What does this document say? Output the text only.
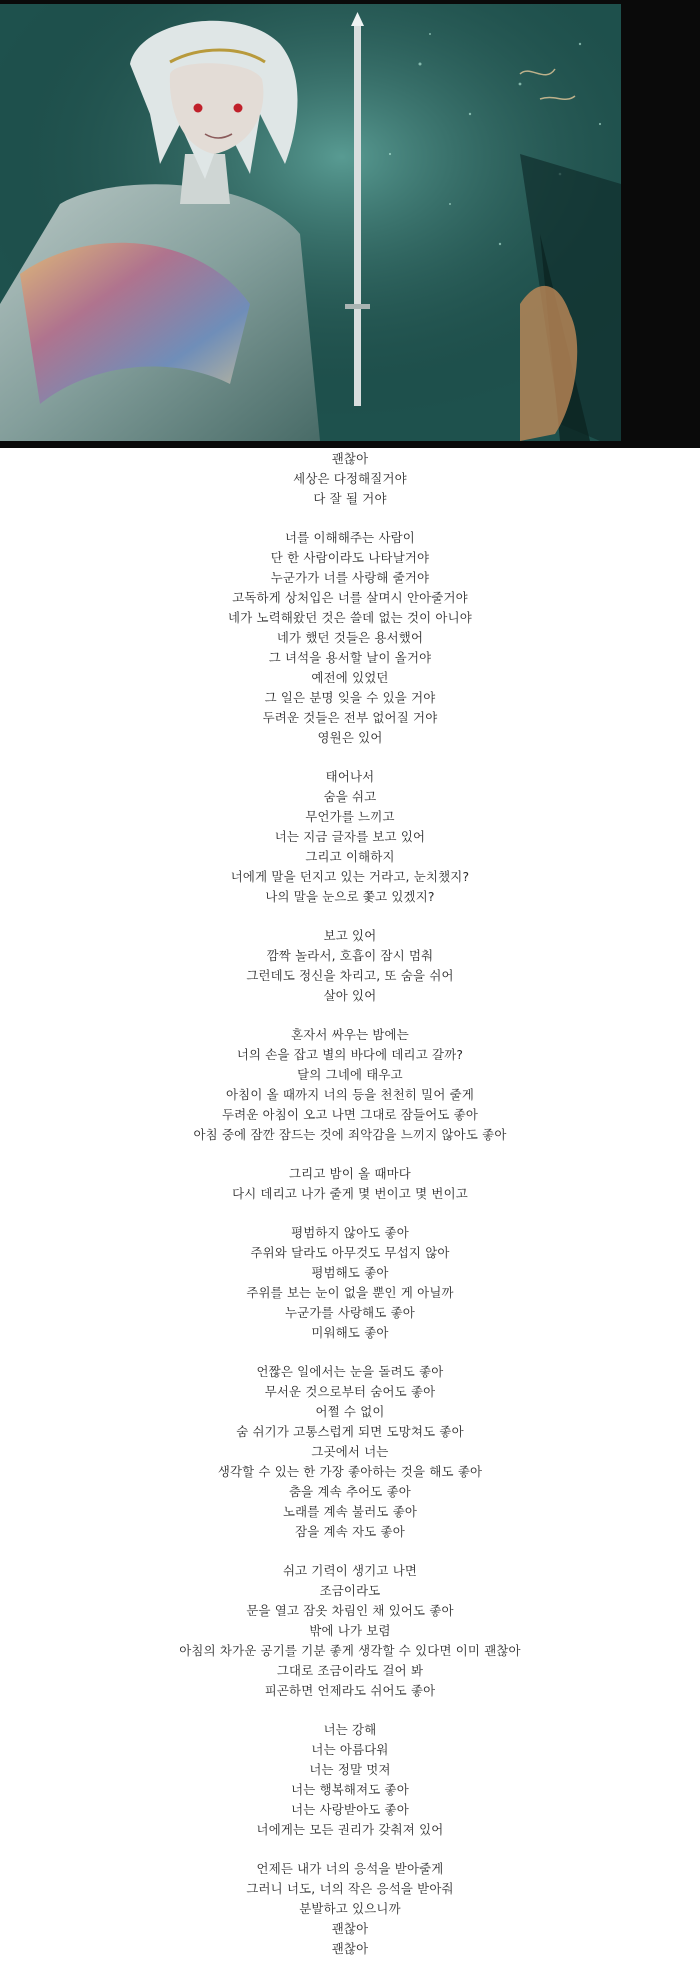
괜찮아
세상은 다정해질거야
다 잘 될 거야
너를 이해해주는 사람이
단 한 사람이라도 나타날거야
누군가가 너를 사랑해 줄거야
고독하게 상처입은 너를 살며시 안아줄거야
네가 노력해왔던 것은 쓸데 없는 것이 아니야
네가 했던 것들은 용서했어
그 녀석을 용서할 날이 올거야
예전에 있었던
그 일은 분명 잊을 수 있을 거야
두려운 것들은 전부 없어질 거야
영원은 있어
태어나서
숨을 쉬고
무언가를 느끼고
너는 지금 글자를 보고 있어
그리고 이해하지
너에게 말을 던지고 있는 거라고, 눈치챘지?
나의 말을 눈으로 쫓고 있겠지?
보고 있어
깜짝 놀라서, 호흡이 잠시 멈춰
그런데도 정신을 차리고, 또 숨을 쉬어
살아 있어
혼자서 싸우는 밤에는
너의 손을 잡고 별의 바다에 데리고 갈까?
달의 그네에 태우고
아침이 올 때까지 너의 등을 천천히 밀어 줄게
두려운 아침이 오고 나면 그대로 잠들어도 좋아
아침 중에 잠깐 잠드는 것에 죄악감을 느끼지 않아도 좋아
그리고 밤이 올 때마다
다시 데리고 나가 줄게 몇 번이고 몇 번이고
평범하지 않아도 좋아
주위와 달라도 아무것도 무섭지 않아
평범해도 좋아
주위를 보는 눈이 없을 뿐인 게 아닐까
누군가를 사랑해도 좋아
미워해도 좋아
언짢은 일에서는 눈을 돌려도 좋아
무서운 것으로부터 숨어도 좋아
어쩔 수 없이
숨 쉬기가 고통스럽게 되면 도망쳐도 좋아
그곳에서 너는
생각할 수 있는 한 가장 좋아하는 것을 해도 좋아
춤을 계속 추어도 좋아
노래를 계속 불러도 좋아
잠을 계속 자도 좋아
쉬고 기력이 생기고 나면
조금이라도
문을 열고 잠옷 차림인 채 있어도 좋아
밖에 나가 보렴
아침의 차가운 공기를 기분 좋게 생각할 수 있다면 이미 괜찮아
그대로 조금이라도 걸어 봐
피곤하면 언제라도 쉬어도 좋아
너는 강해
너는 아름다워
너는 정말 멋져
너는 행복해져도 좋아
너는 사랑받아도 좋아
너에게는 모든 권리가 갖춰져 있어
언제든 내가 너의 응석을 받아줄게
그러니 너도, 너의 작은 응석을 받아줘
분발하고 있으니까
괜찮아
괜찮아
